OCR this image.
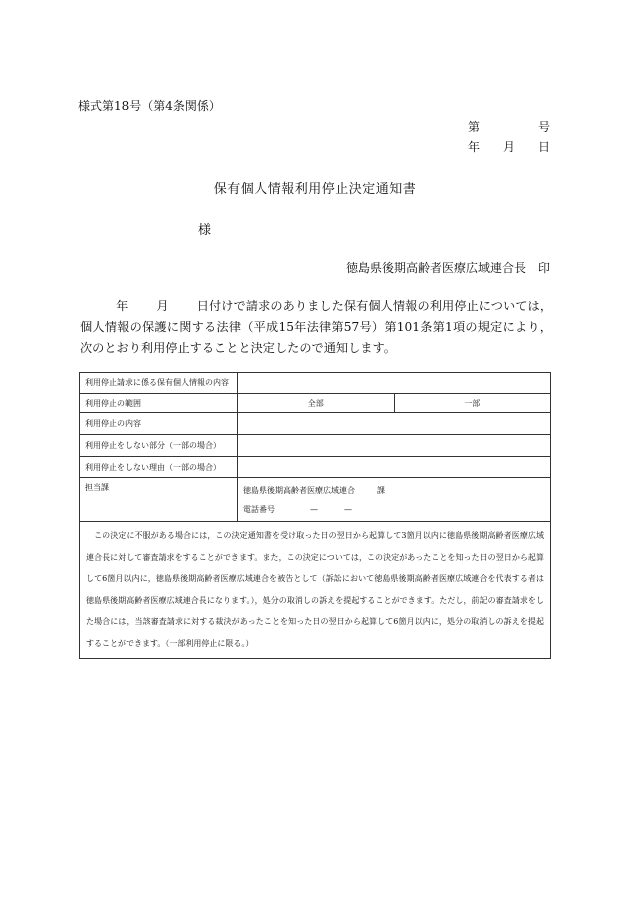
様式第18号（第4条関係）
第	号
年 月 日
保有個人情報利用停止決定通知書
様
徳島県後期高齢者医療広域連合長 印
年 月 日付けで請求のありました保有個人情報の利用停止については，個人情報の保護に関する法律（平成15年法律第57号）第101条第1項の規定により，次のとおり利用停止することと決定したので通知します。
利用停止請求に係る保有個人情報の内容		
利用停止の範囲	全部	一部
利用停止の内容		
利用停止をしない部分（一部の場合）		
利用停止をしない理由（一部の場合）		
担当課	徳島県後期高齢者医療広域連合 課
電話番号 — —	

この決定に不服がある場合には，この決定通知書を受け取った日の翌日から起算して3箇月以内に徳島県後期高齢者医療広域連合長に対して審査請求をすることができます。また，この決定については，この決定があったことを知った日の翌日から起算して6箇月以内に，徳島県後期高齢者医療広域連合を被告として（訴訟において徳島県後期高齢者医療広域連合を代表する者は徳島県後期高齢者医療広域連合長になります。），処分の取消しの訴えを提起することができます。ただし，前記の審査請求をした場合には，当該審査請求に対する裁決があったことを知った日の翌日から起算して6箇月以内に，処分の取消しの訴えを提起することができます。（一部利用停止に限る。）		
